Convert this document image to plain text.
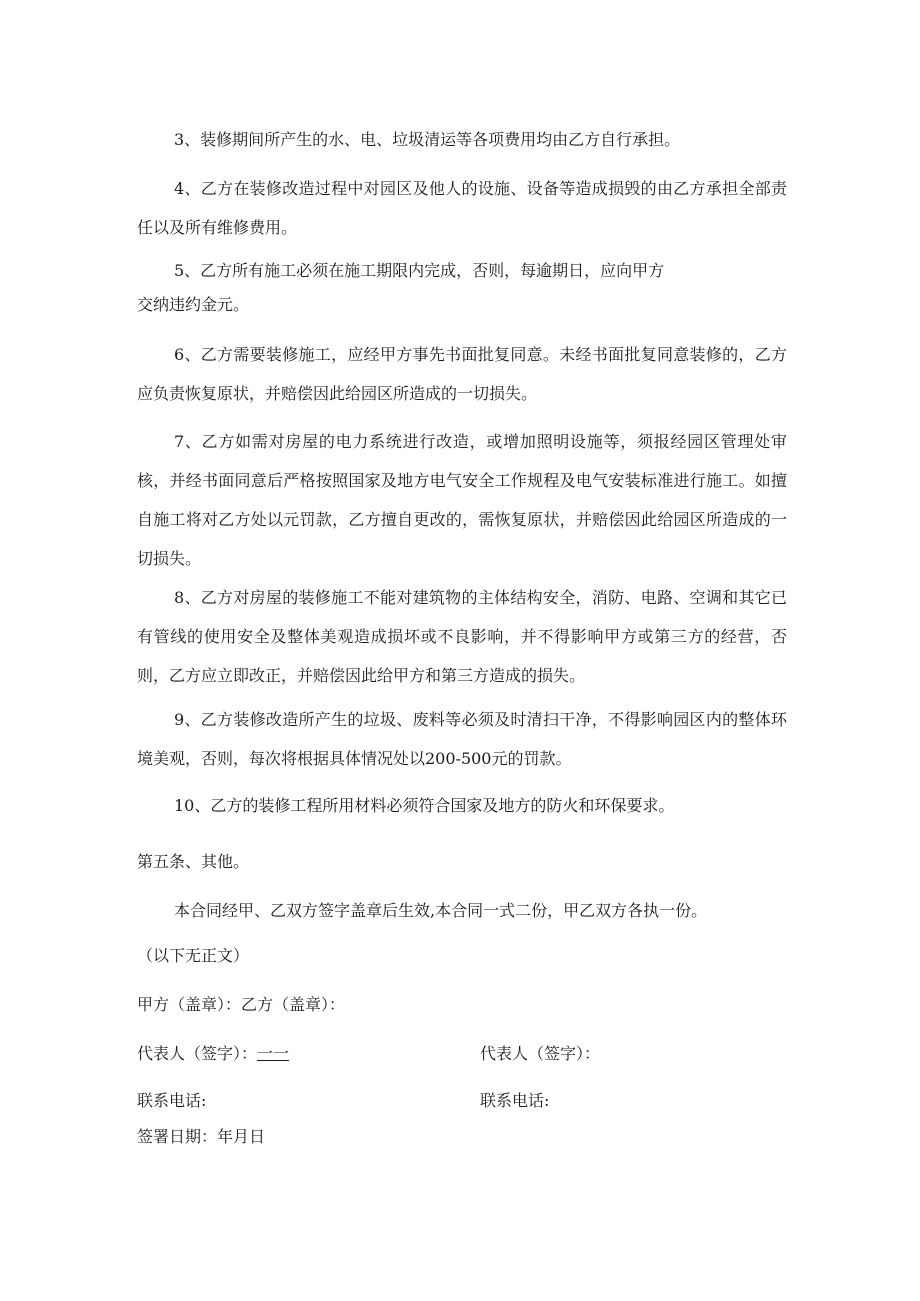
3、装修期间所产生的水、电、垃圾清运等各项费用均由乙方自行承担。

4、乙方在装修改造过程中对园区及他人的设施、设备等造成损毁的由乙方承担全部责任以及所有维修费用。

5、乙方所有施工必须在施工期限内完成，否则，每逾期日，应向甲方

交纳违约金元。

6、乙方需要装修施工，应经甲方事先书面批复同意。未经书面批复同意装修的，乙方应负责恢复原状，并赔偿因此给园区所造成的一切损失。

7、乙方如需对房屋的电力系统进行改造，或增加照明设施等，须报经园区管理处审核，并经书面同意后严格按照国家及地方电气安全工作规程及电气安装标准进行施工。如擅自施工将对乙方处以元罚款，乙方擅自更改的，需恢复原状，并赔偿因此给园区所造成的一切损失。

8、乙方对房屋的装修施工不能对建筑物的主体结构安全，消防、电路、空调和其它已有管线的使用安全及整体美观造成损坏或不良影响，并不得影响甲方或第三方的经营，否则，乙方应立即改正，并赔偿因此给甲方和第三方造成的损失。

9、乙方装修改造所产生的垃圾、废料等必须及时清扫干净，不得影响园区内的整体环境美观，否则，每次将根据具体情况处以200-500元的罚款。

10、乙方的装修工程所用材料必须符合国家及地方的防火和环保要求。

第五条、其他。

本合同经甲、乙双方签字盖章后生效,本合同一式二份，甲乙双方各执一份。

（以下无正文）

甲方（盖章）：乙方（盖章）：

代表人（签字）：一一	代表人（签字）：

联系电话:	联系电话:

签署日期：年月日
